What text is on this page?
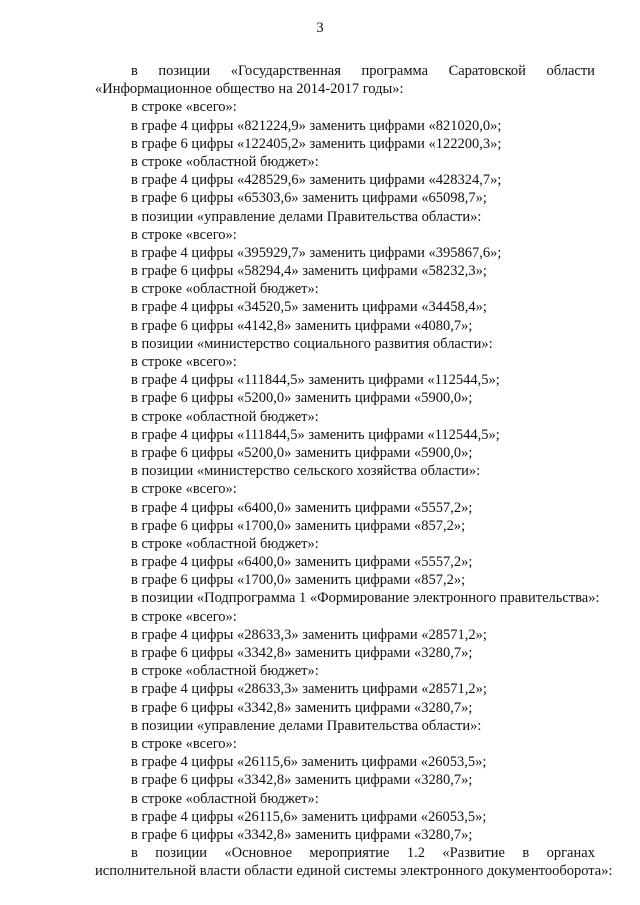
3
в позиции «Государственная программа Саратовской области
«Информационное общество на 2014-2017 годы»:
в строке «всего»:
в графе 4 цифры «821224,9» заменить цифрами «821020,0»;
в графе 6 цифры «122405,2» заменить цифрами «122200,3»;
в строке «областной бюджет»:
в графе 4 цифры «428529,6» заменить цифрами «428324,7»;
в графе 6 цифры «65303,6» заменить цифрами «65098,7»;
в позиции «управление делами Правительства области»:
в строке «всего»:
в графе 4 цифры «395929,7» заменить цифрами «395867,6»;
в графе 6 цифры «58294,4» заменить цифрами «58232,3»;
в строке «областной бюджет»:
в графе 4 цифры «34520,5» заменить цифрами «34458,4»;
в графе 6 цифры «4142,8» заменить цифрами «4080,7»;
в позиции «министерство социального развития области»:
в строке «всего»:
в графе 4 цифры «111844,5» заменить цифрами «112544,5»;
в графе 6 цифры «5200,0» заменить цифрами «5900,0»;
в строке «областной бюджет»:
в графе 4 цифры «111844,5» заменить цифрами «112544,5»;
в графе 6 цифры «5200,0» заменить цифрами «5900,0»;
в позиции «министерство сельского хозяйства области»:
в строке «всего»:
в графе 4 цифры «6400,0» заменить цифрами «5557,2»;
в графе 6 цифры «1700,0» заменить цифрами «857,2»;
в строке «областной бюджет»:
в графе 4 цифры «6400,0» заменить цифрами «5557,2»;
в графе 6 цифры «1700,0» заменить цифрами «857,2»;
в позиции «Подпрограмма 1 «Формирование электронного правительства»:
в строке «всего»:
в графе 4 цифры «28633,3» заменить цифрами «28571,2»;
в графе 6 цифры «3342,8» заменить цифрами «3280,7»;
в строке «областной бюджет»:
в графе 4 цифры «28633,3» заменить цифрами «28571,2»;
в графе 6 цифры «3342,8» заменить цифрами «3280,7»;
в позиции «управление делами Правительства области»:
в строке «всего»:
в графе 4 цифры «26115,6» заменить цифрами «26053,5»;
в графе 6 цифры «3342,8» заменить цифрами «3280,7»;
в строке «областной бюджет»:
в графе 4 цифры «26115,6» заменить цифрами «26053,5»;
в графе 6 цифры «3342,8» заменить цифрами «3280,7»;
в позиции «Основное мероприятие 1.2 «Развитие в органах
исполнительной власти области единой системы электронного документооборота»:
